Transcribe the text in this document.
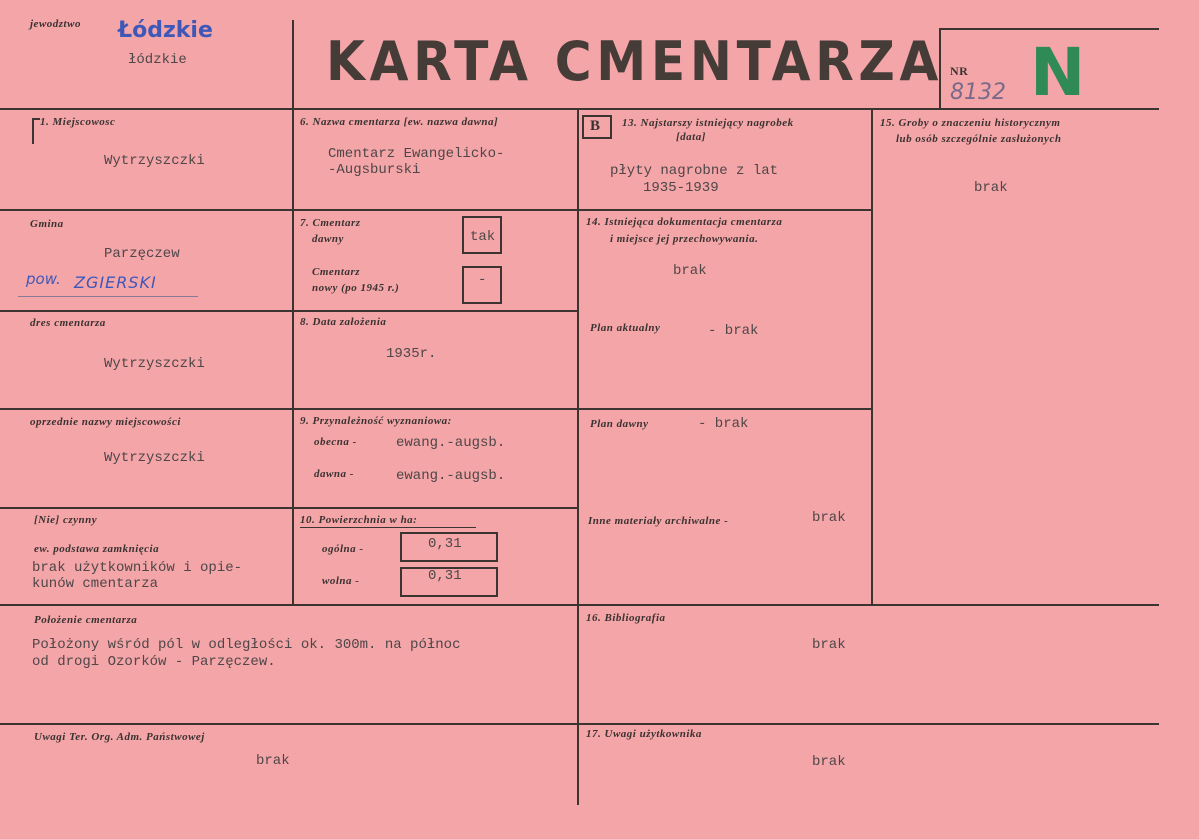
jewodztwo Łódzkie
łódzkie	KARTA CMENTARZA NR
8132 N
1. Miejscowosc
Wytrzyszczki
6. Nazwa cmentarza [ew. nazwa dawna]
Cmentarz Ewangelicko-
-Augsburski
B 13. Najstarszy istniejący nagrobek
[data]
płyty nagrobne z lat
1935-1939
15. Groby o znaczeniu historycznym
lub osób szczególnie zasłużonych
brak
Gmina
Parzęczew
pow. ZGIERSKI
7. Cmentarz
dawny	tak
Cmentarz
nowy (po 1945 r.)	-
14. Istniejąca dokumentacja cmentarza
i miejsce jej przechowywania.
brak
dres cmentarza
Wytrzyszczki
8. Data założenia
1935r.
Plan aktualny	- brak
oprzednie nazwy miejscowości
Wytrzyszczki
9. Przynależność wyznaniowa:
obecna -	ewang.-augsb.
dawna -	ewang.-augsb.
Plan dawny	- brak
[Nie] czynny
ew. podstawa zamknięcia
brak użytkowników i opie-
kunów cmentarza
10. Powierzchnia w ha:
ogólna -	0,31
wolna -	0,31
Inne materiały archiwalne -	brak
Położenie cmentarza
Położony wśród pól w odległości ok. 300m. na północ
od drogi Ozorków - Parzęczew.
16. Bibliografia
brak
Uwagi Ter. Org. Adm. Państwowej
brak
17. Uwagi użytkownika
brak
